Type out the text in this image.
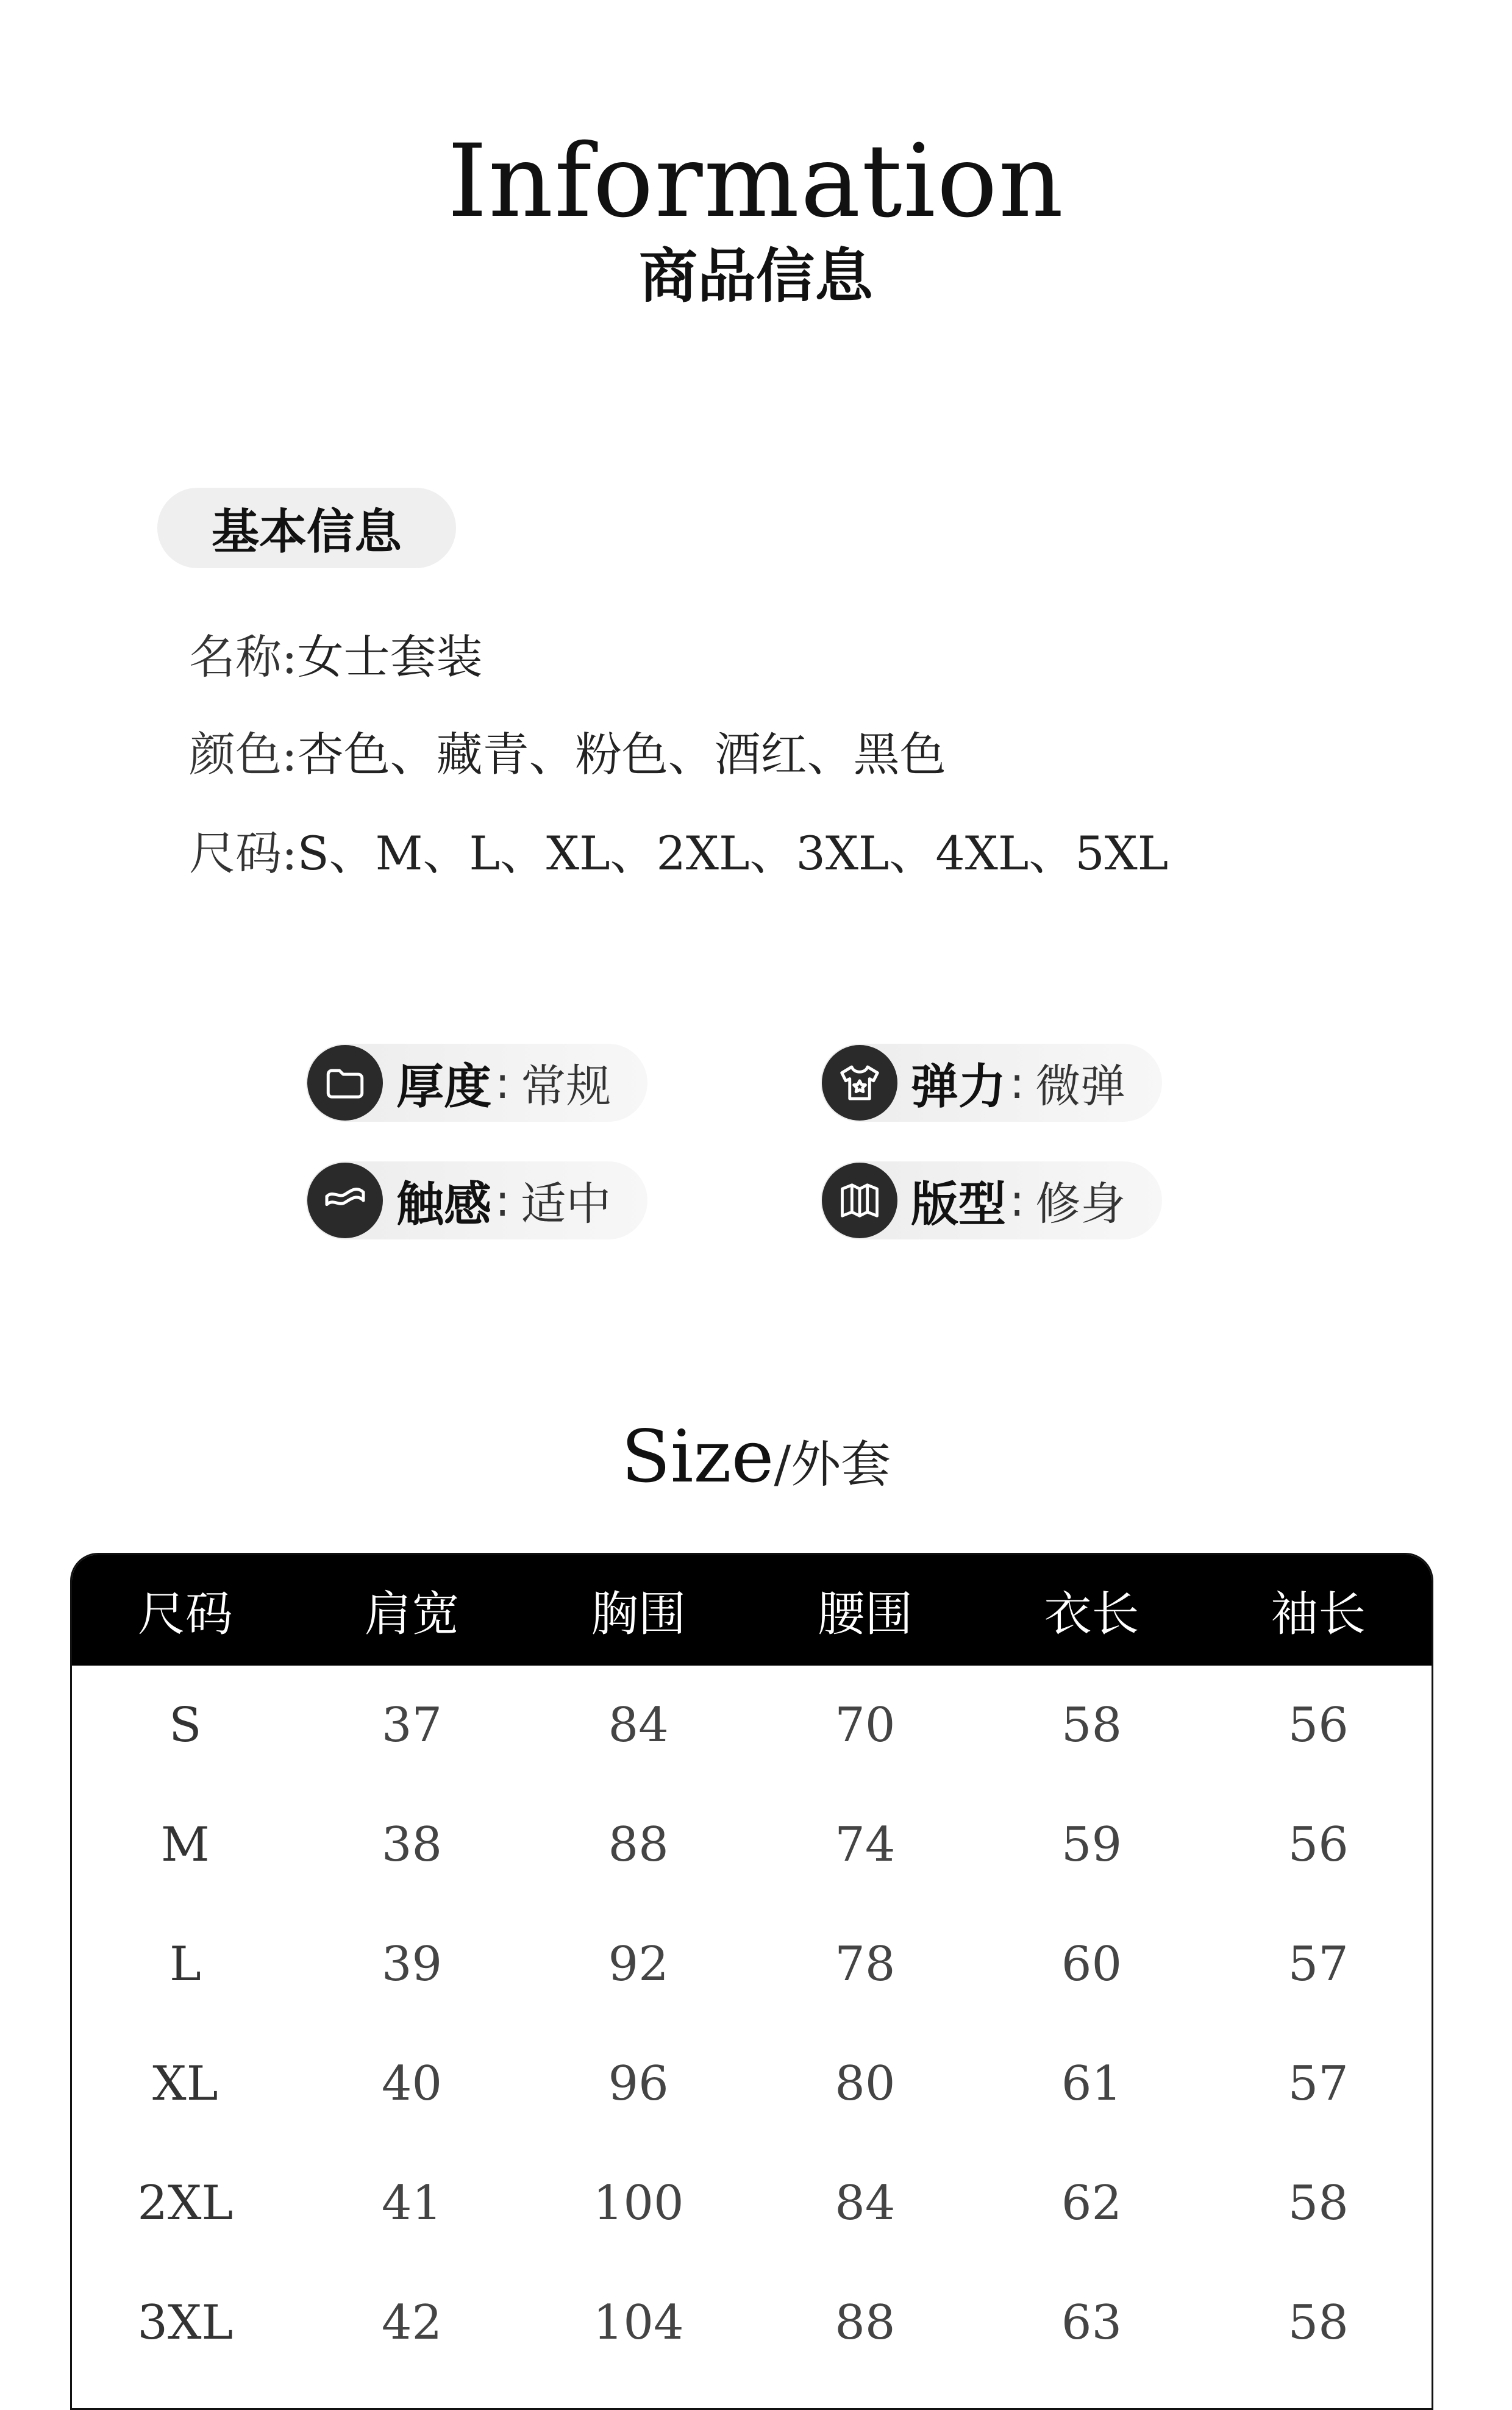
Information
商品信息
基本信息
名称:女士套装
颜色:杏色、藏青、粉色、酒红、黑色
尺码:S、M、L、XL、2XL、3XL、4XL、5XL
厚度 : 常规	弹力 : 微弹
触感 : 适中	版型 : 修身
Size/外套
尺码	肩宽	胸围	腰围	衣长	袖长
S	37	84	70	58	56
M	38	88	74	59	56
L	39	92	78	60	57
XL	40	96	80	61	57
2XL	41	100	84	62	58
3XL	42	104	88	63	58
